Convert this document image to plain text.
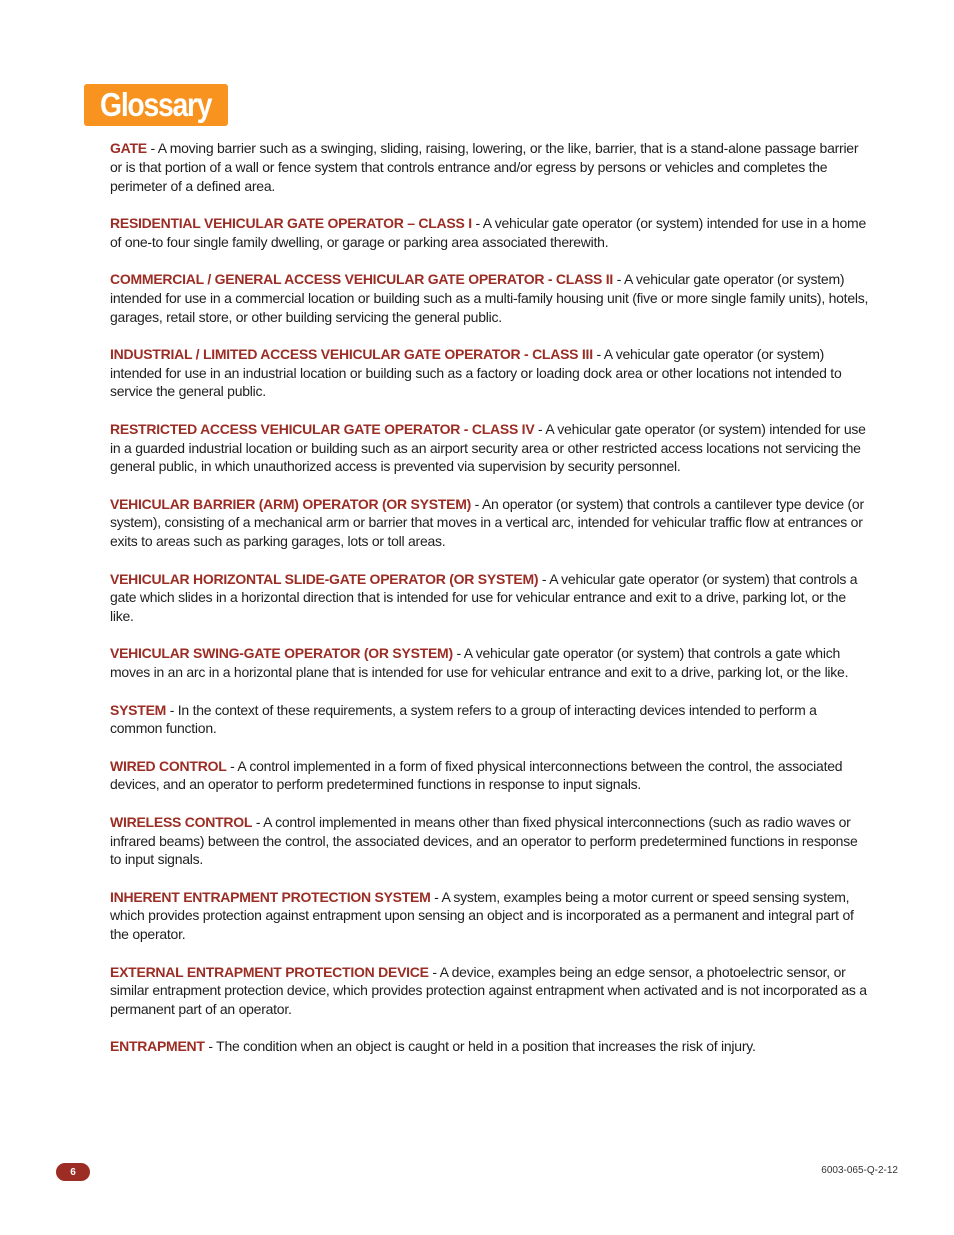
Glossary

GATE - A moving barrier such as a swinging, sliding, raising, lowering, or the like, barrier, that is a stand-alone passage barrier or is that portion of a wall or fence system that controls entrance and/or egress by persons or vehicles and completes the perimeter of a defined area.

RESIDENTIAL VEHICULAR GATE OPERATOR – CLASS I - A vehicular gate operator (or system) intended for use in a home of one-to four single family dwelling, or garage or parking area associated therewith.

COMMERCIAL / GENERAL ACCESS VEHICULAR GATE OPERATOR - CLASS II - A vehicular gate operator (or system) intended for use in a commercial location or building such as a multi-family housing unit (five or more single family units), hotels, garages, retail store, or other building servicing the general public.

INDUSTRIAL / LIMITED ACCESS VEHICULAR GATE OPERATOR - CLASS III - A vehicular gate operator (or system) intended for use in an industrial location or building such as a factory or loading dock area or other locations not intended to service the general public.

RESTRICTED ACCESS VEHICULAR GATE OPERATOR - CLASS IV - A vehicular gate operator (or system) intended for use in a guarded industrial location or building such as an airport security area or other restricted access locations not servicing the general public, in which unauthorized access is prevented via supervision by security personnel.

VEHICULAR BARRIER (ARM) OPERATOR (OR SYSTEM) - An operator (or system) that controls a cantilever type device (or system), consisting of a mechanical arm or barrier that moves in a vertical arc, intended for vehicular traffic flow at entrances or exits to areas such as parking garages, lots or toll areas.

VEHICULAR HORIZONTAL SLIDE-GATE OPERATOR (OR SYSTEM) - A vehicular gate operator (or system) that controls a gate which slides in a horizontal direction that is intended for use for vehicular entrance and exit to a drive, parking lot, or the like.

VEHICULAR SWING-GATE OPERATOR (OR SYSTEM) - A vehicular gate operator (or system) that controls a gate which moves in an arc in a horizontal plane that is intended for use for vehicular entrance and exit to a drive, parking lot, or the like.

SYSTEM - In the context of these requirements, a system refers to a group of interacting devices intended to perform a common function.

WIRED CONTROL - A control implemented in a form of fixed physical interconnections between the control, the associated devices, and an operator to perform predetermined functions in response to input signals.

WIRELESS CONTROL - A control implemented in means other than fixed physical interconnections (such as radio waves or infrared beams) between the control, the associated devices, and an operator to perform predetermined functions in response to input signals.

INHERENT ENTRAPMENT PROTECTION SYSTEM - A system, examples being a motor current or speed sensing system, which provides protection against entrapment upon sensing an object and is incorporated as a permanent and integral part of the operator.

EXTERNAL ENTRAPMENT PROTECTION DEVICE - A device, examples being an edge sensor, a photoelectric sensor, or similar entrapment protection device, which provides protection against entrapment when activated and is not incorporated as a permanent part of an operator.

ENTRAPMENT - The condition when an object is caught or held in a position that increases the risk of injury.

6	6003-065-Q-2-12
